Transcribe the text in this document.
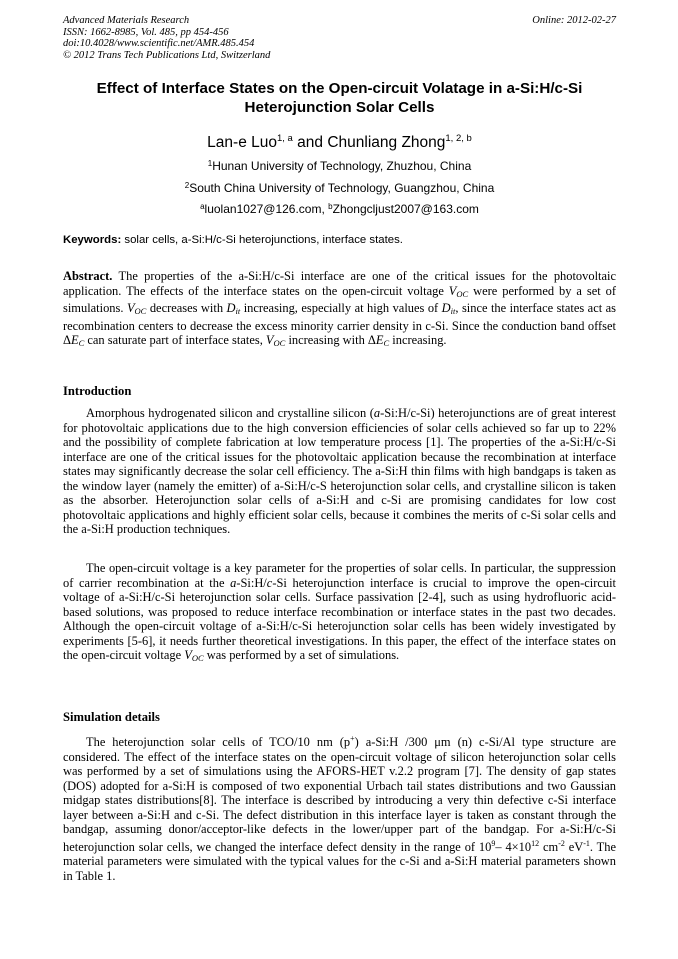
Advanced Materials Research
ISSN: 1662-8985, Vol. 485, pp 454-456
doi:10.4028/www.scientific.net/AMR.485.454
© 2012 Trans Tech Publications Ltd, Switzerland
Online: 2012-02-27
Effect of Interface States on the Open-circuit Volatage in a-Si:H/c-Si
Heterojunction Solar Cells
Lan-e Luo$^{1, a}$ and Chunliang Zhong$^{1, 2, b}$
$^1$Hunan University of Technology, Zhuzhou, China
$^2$South China University of Technology, Guangzhou, China
$^a$luolan1027@126.com, $^b$Zhongcljust2007@163.com
Keywords: solar cells, a-Si:H/c-Si heterojunctions, interface states.

Abstract. The properties of the a-Si:H/c-Si interface are one of the critical issues for the photovoltaic application. The effects of the interface states on the open-circuit voltage $V_{OC}$ were performed by a set of simulations. $V_{OC}$ decreases with $D_{it}$ increasing, especially at high values of $D_{it}$, since the interface states act as recombination centers to decrease the excess minority carrier density in c-Si. Since the conduction band offset $\Delta E_C$ can saturate part of interface states, $V_{OC}$ increasing with $\Delta E_C$ increasing.

Introduction

Amorphous hydrogenated silicon and crystalline silicon (a-Si:H/c-Si) heterojunctions are of great interest for photovoltaic applications due to the high conversion efficiencies of solar cells achieved so far up to 22% and the possibility of complete fabrication at low temperature process [1]. The properties of the a-Si:H/c-Si interface are one of the critical issues for the photovoltaic application because the recombination at interface states may significantly decrease the solar cell efficiency. The a-Si:H thin films with high bandgaps is taken as the window layer (namely the emitter) of a-Si:H/c-S heterojunction solar cells, and crystalline silicon is taken as the absorber. Heterojunction solar cells of a-Si:H and c-Si are promising candidates for low cost photovoltaic applications and highly efficient solar cells, because it combines the merits of c-Si solar cells and the a-Si:H production techniques.

The open-circuit voltage is a key parameter for the properties of solar cells. In particular, the suppression of carrier recombination at the a-Si:H/c-Si heterojunction interface is crucial to improve the open-circuit voltage of a-Si:H/c-Si heterojunction solar cells. Surface passivation [2-4], such as using hydrofluoric acid-based solutions, was proposed to reduce interface recombination or interface states in the past two decades. Although the open-circuit voltage of a-Si:H/c-Si heterojunction solar cells has been widely investigated by experiments [5-6], it needs further theoretical investigations. In this paper, the effect of the interface states on the open-circuit voltage $V_{OC}$ was performed by a set of simulations.

Simulation details

The heterojunction solar cells of TCO/10 nm (p+) a-Si:H /300 μm (n) c-Si/Al type structure are considered. The effect of the interface states on the open-circuit voltage of silicon heterojunction solar cells was performed by a set of simulations using the AFORS-HET v.2.2 program [7]. The density of gap states (DOS) adopted for a-Si:H is composed of two exponential Urbach tail states distributions and two Gaussian midgap states distributions[8]. The interface is described by introducing a very thin defective c-Si interface layer between a-Si:H and c-Si. The defect distribution in this interface layer is taken as constant through the bandgap, assuming donor/acceptor-like defects in the lower/upper part of the bandgap. For a-Si:H/c-Si heterojunction solar cells, we changed the interface defect density in the range of $10^9-$ $4\times 10^{12}$ $cm^{-2}$ $eV^{-1}$. The material parameters were simulated with the typical values for the c-Si and a-Si:H material parameters shown in Table 1.
